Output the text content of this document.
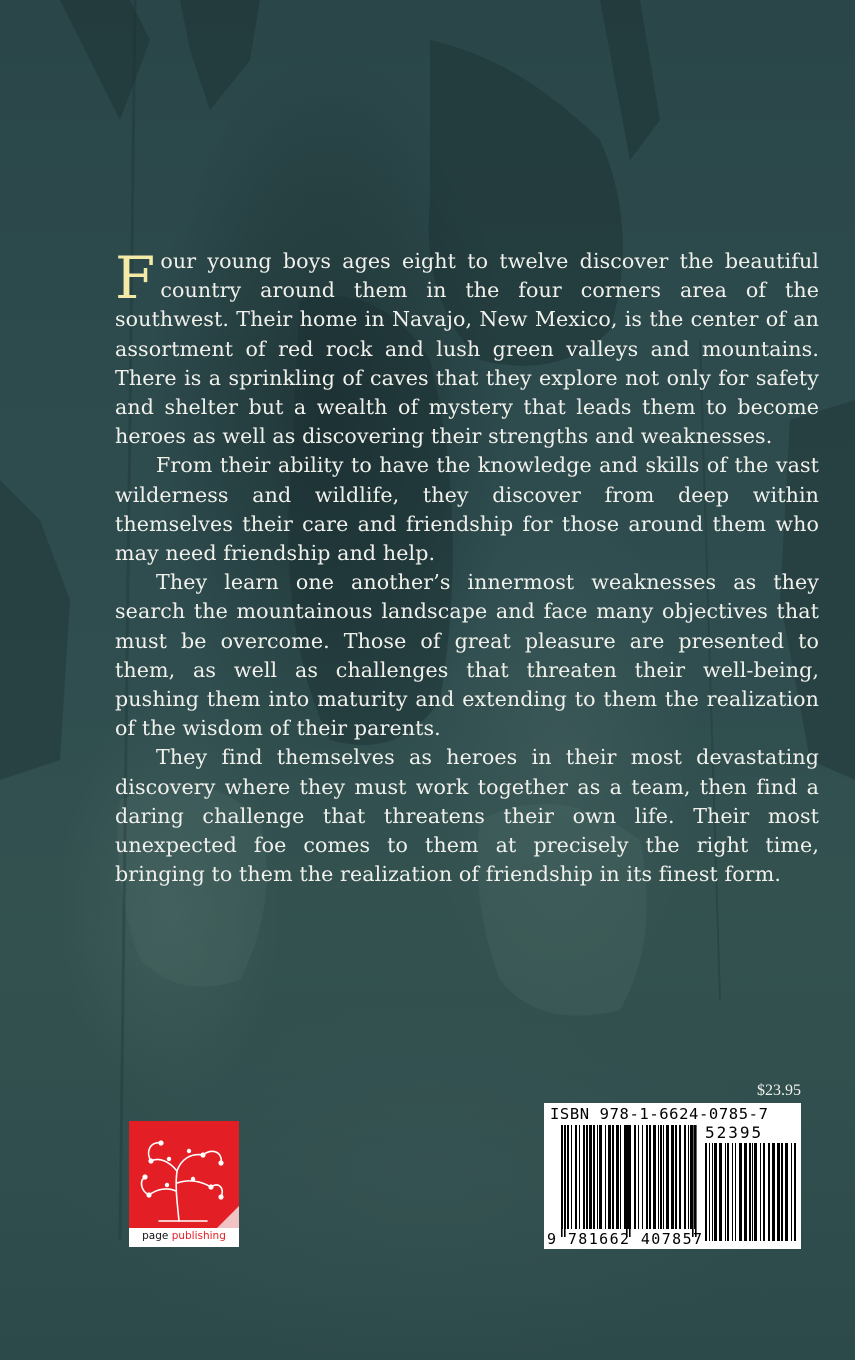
Four young boys ages eight to twelve discover the beautiful country around them in the four corners area of the southwest. Their home in Navajo, New Mexico, is the center of an assortment of red rock and lush green valleys and mountains. There is a sprinkling of caves that they explore not only for safety and shelter but a wealth of mystery that leads them to become heroes as well as discovering their strengths and weaknesses.

From their ability to have the knowledge and skills of the vast wilderness and wildlife, they discover from deep within themselves their care and friendship for those around them who may need friendship and help.

They learn one another’s innermost weaknesses as they search the mountainous landscape and face many objectives that must be overcome. Those of great pleasure are presented to them, as well as challenges that threaten their well-being, pushing them into maturity and extending to them the realization of the wisdom of their parents.

They find themselves as heroes in their most devastating discovery where they must work together as a team, then find a daring challenge that threatens their own life. Their most unexpected foe comes to them at precisely the right time, bringing to them the realization of friendship in its finest form.

$23.95
ISBN 978-1-6624-0785-7
52395
9 781662 407857
page publishing
